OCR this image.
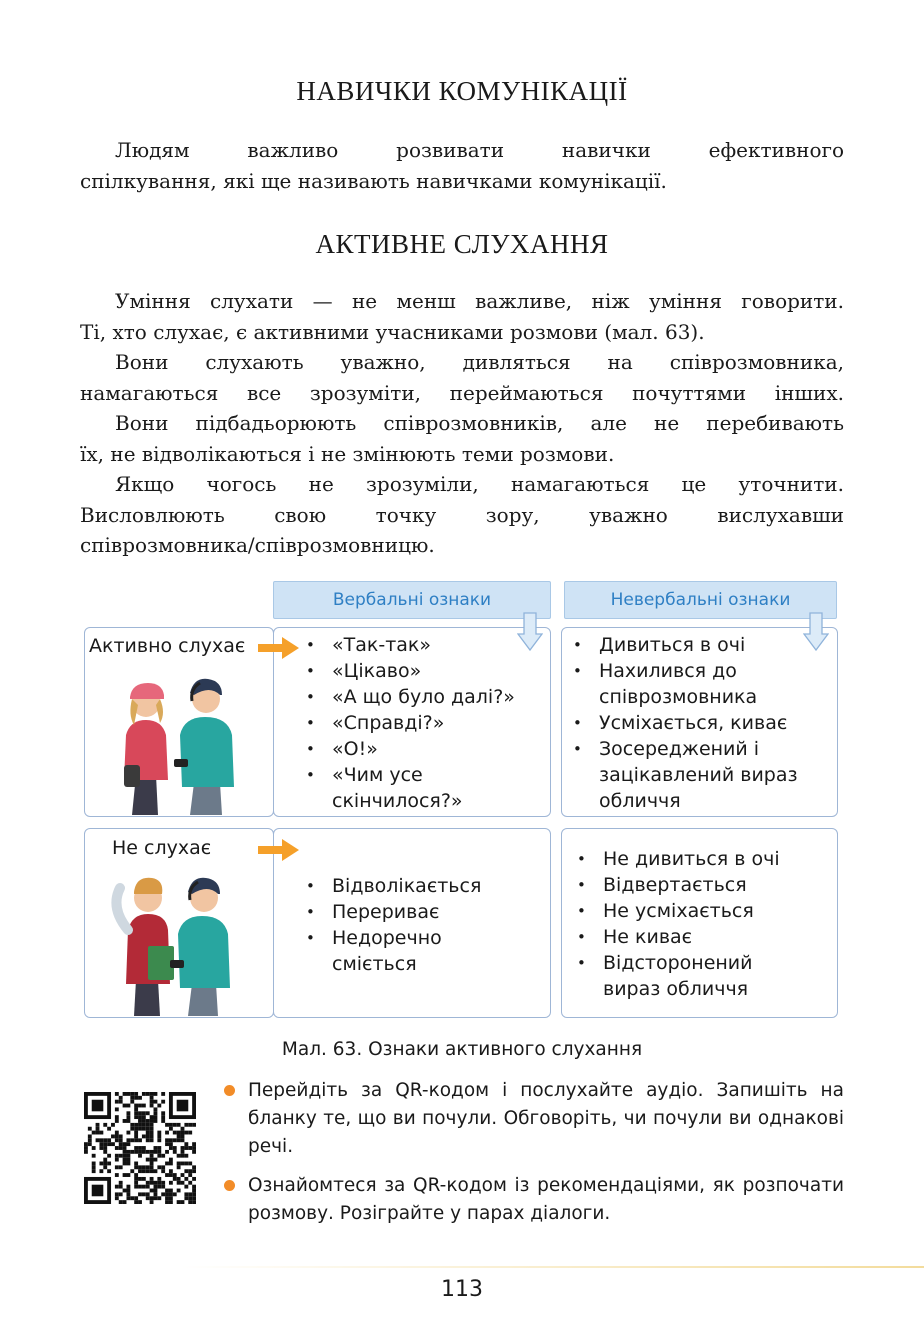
НАВИЧКИ КОМУНІКАЦІЇ

Людям важливо розвивати навички ефективного

спілкування, які ще називають навичками комунікації.

АКТИВНЕ СЛУХАННЯ

Уміння слухати — не менш важливе, ніж уміння говорити.

Ті, хто слухає, є активними учасниками розмови (мал. 63).

Вони слухають уважно, дивляться на співрозмовника,

намагаються все зрозуміти, переймаються почуттями інших.

Вони підбадьорюють співрозмовників, але не перебивають

їх, не відволікаються і не змінюють теми розмови.

Якщо чогось не зрозуміли, намагаються це уточнити.

Висловлюють свою точку зору, уважно вислухавши

співрозмовника/співрозмовницю.

Вербальні ознаки	Невербальні ознаки
Активно слухає
Не слухає
• «Так-так»
• «Цікаво»
• «А що було далі?»
• «Справді?»
• «О!»
• «Чим усе скінчилося?»
• Дивиться в очі
• Нахилився до співрозмовника
• Усміхається, киває
• Зосереджений і зацікавлений вираз обличчя
• Відволікається
• Перериває
• Недоречно сміється
• Не дивиться в очі
• Відвертається
• Не усміхається
• Не киває
• Відсторонений вираз обличчя
Мал. 63. Ознаки активного слухання

Перейдіть за QR-кодом і послухайте аудіо. Запишіть на бланку те, що ви почули. Обговоріть, чи почули ви однакові речі.

Ознайомтеся за QR-кодом із рекомендаціями, як розпочати розмову. Розіграйте у парах діалоги.

113
